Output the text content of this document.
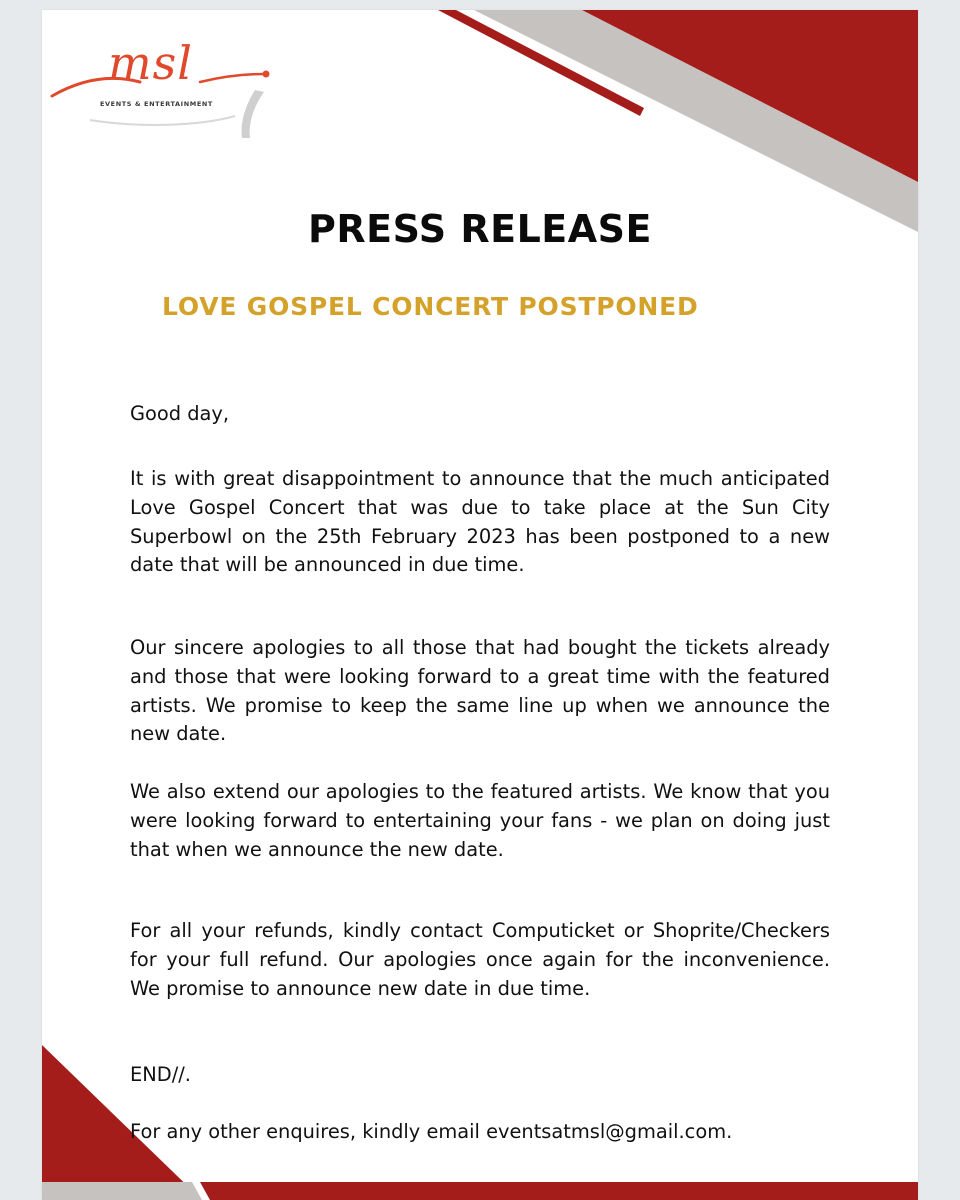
msl
EVENTS & ENTERTAINMENT
PRESS RELEASE
LOVE GOSPEL CONCERT POSTPONED

Good day,

It is with great disappointment to announce that the much anticipated Love Gospel Concert that was due to take place at the Sun City Superbowl on the 25th February 2023 has been postponed to a new date that will be announced in due time.

Our sincere apologies to all those that had bought the tickets already and those that were looking forward to a great time with the featured artists. We promise to keep the same line up when we announce the new date.

We also extend our apologies to the featured artists. We know that you were looking forward to entertaining your fans - we plan on doing just that when we announce the new date.

For all your refunds, kindly contact Computicket or Shoprite/Checkers for your full refund. Our apologies once again for the inconvenience. We promise to announce new date in due time.

END//.

For any other enquires, kindly email eventsatmsl@gmail.com.
